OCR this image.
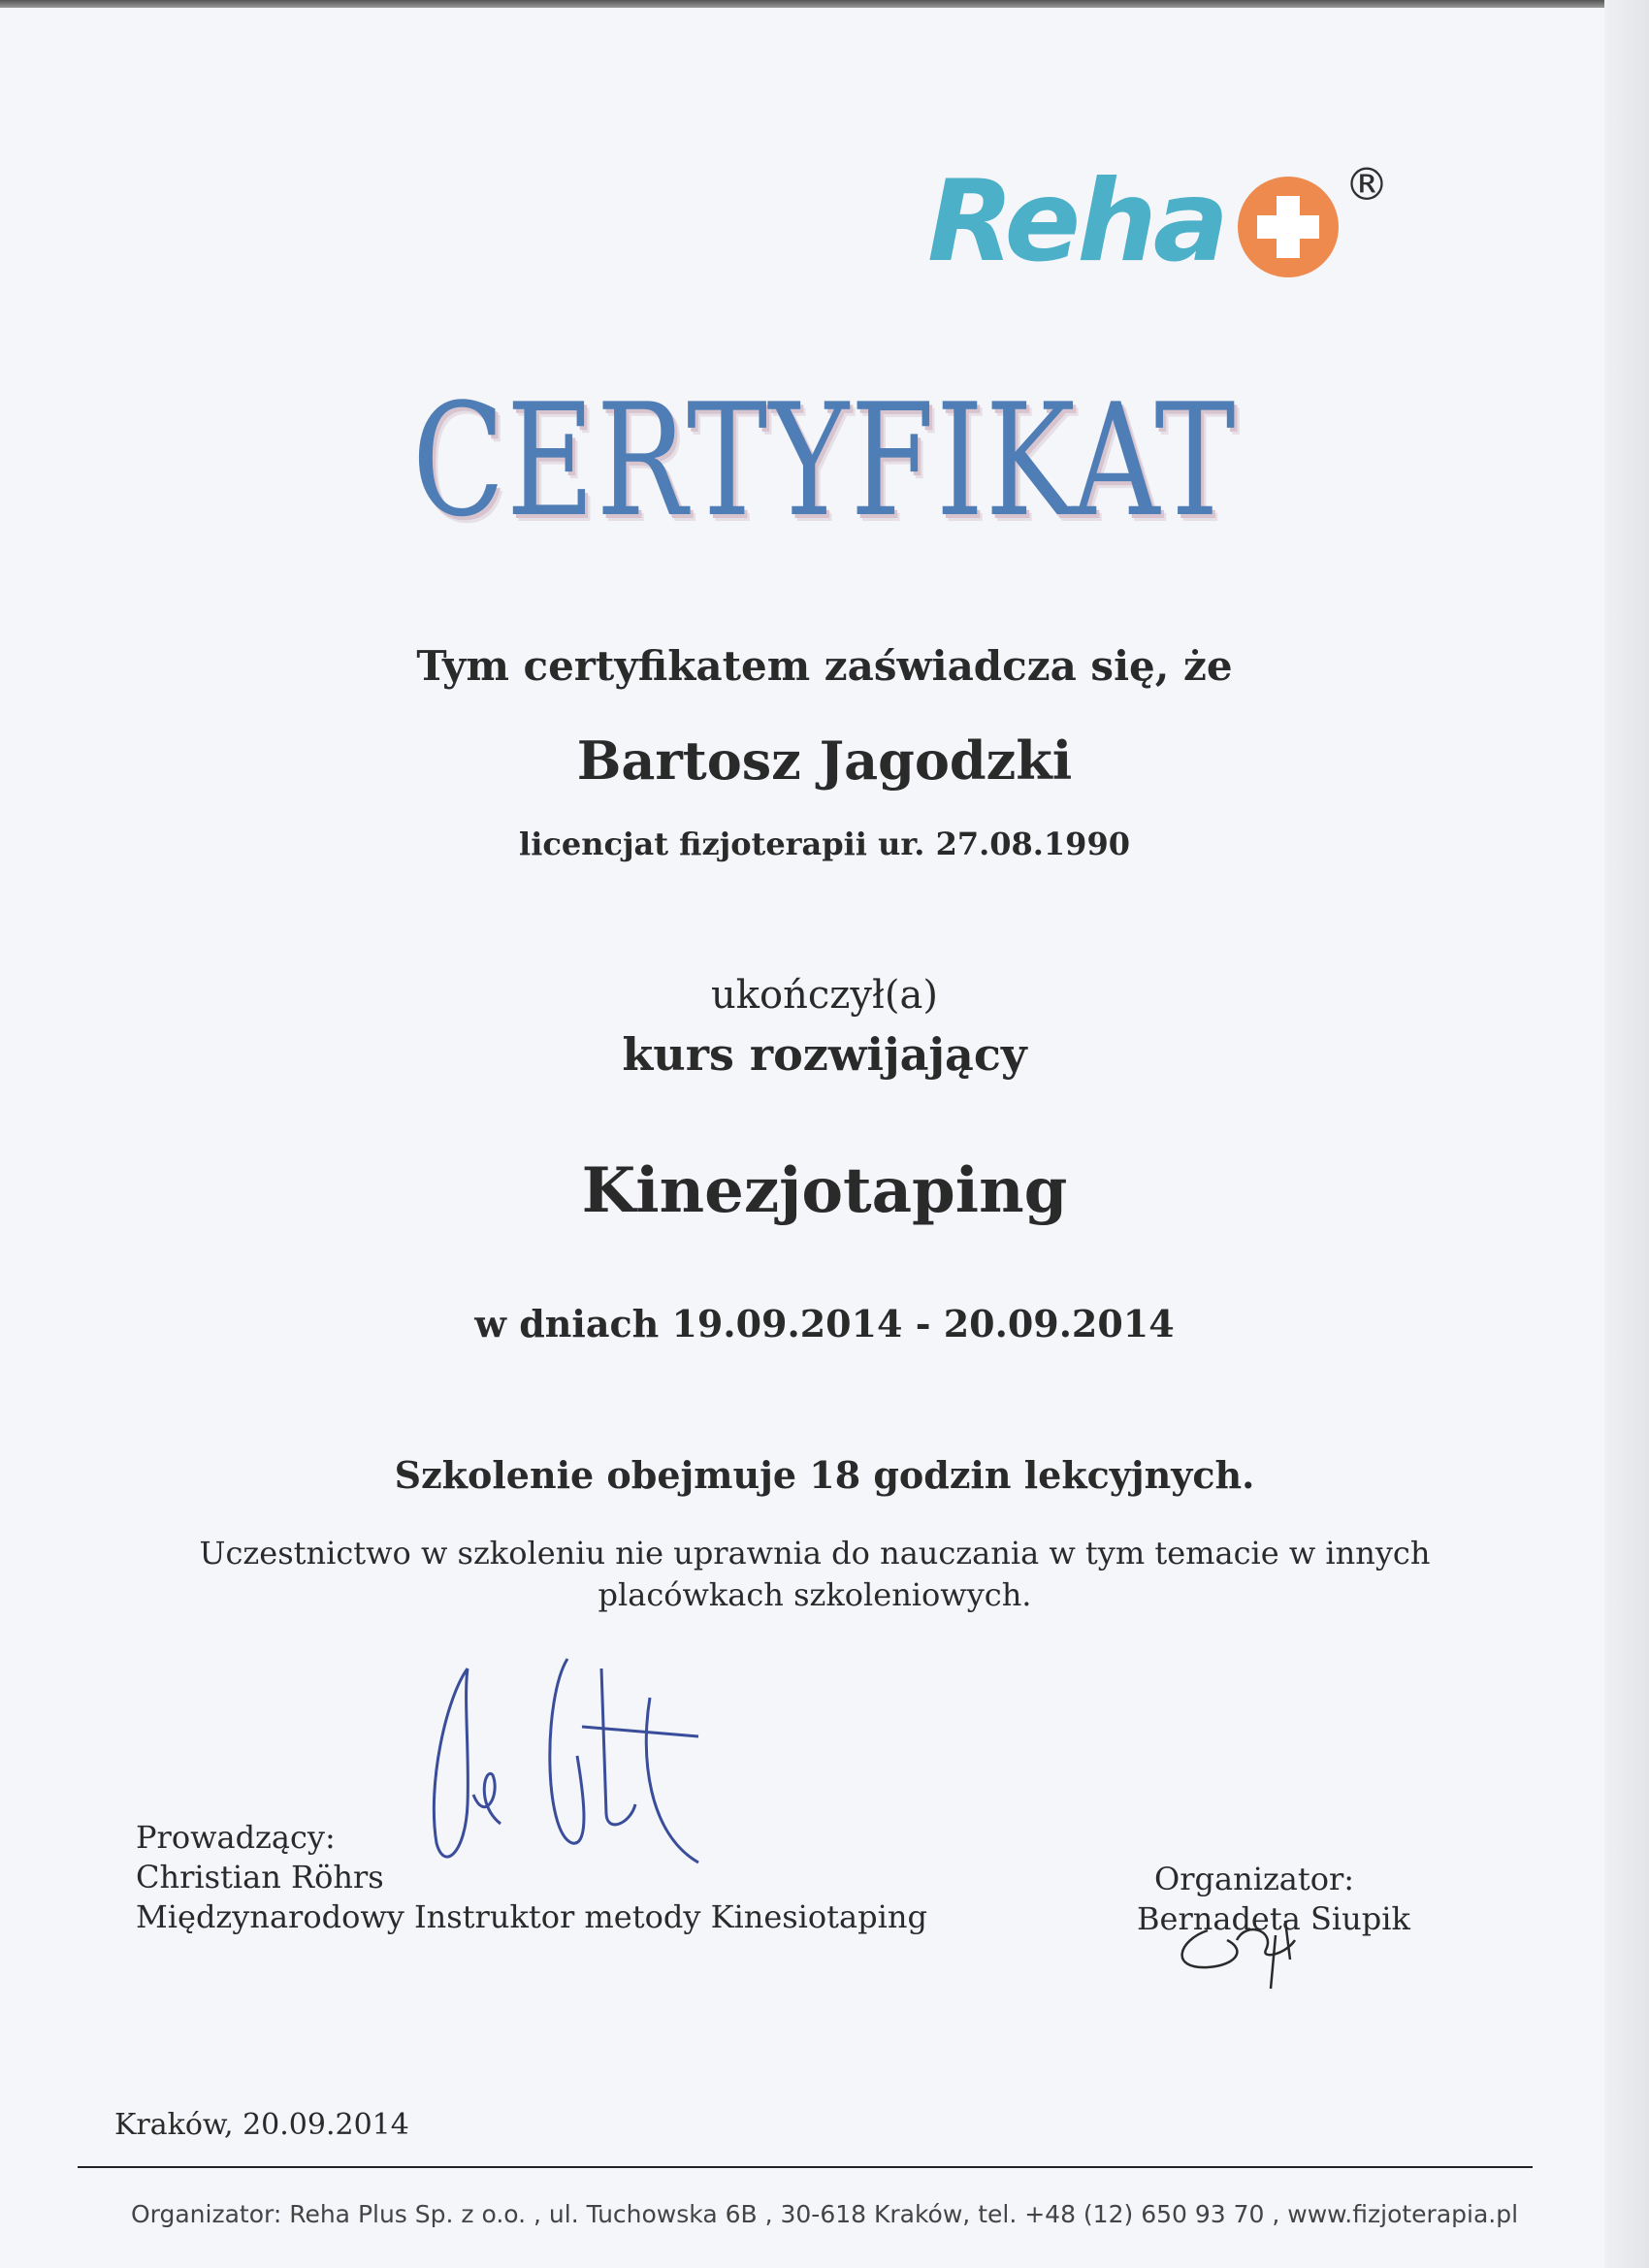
Reha	®
CERTYFIKAT
Tym certyfikatem zaświadcza się, że
Bartosz Jagodzki
licencjat fizjoterapii ur. 27.08.1990
ukończył(a)
kurs rozwijający
Kinezjotaping
w dniach 19.09.2014 - 20.09.2014
Szkolenie obejmuje 18 godzin lekcyjnych.
Uczestnictwo w szkoleniu nie uprawnia do nauczania w tym temacie w innych placówkach szkoleniowych.
Prowadzący:
Christian Röhrs
Międzynarodowy Instruktor metody Kinesiotaping
Organizator:
Bernadeta Siupik
Kraków, 20.09.2014
Organizator: Reha Plus Sp. z o.o. , ul. Tuchowska 6B , 30-618 Kraków, tel. +48 (12) 650 93 70 , www.fizjoterapia.pl
